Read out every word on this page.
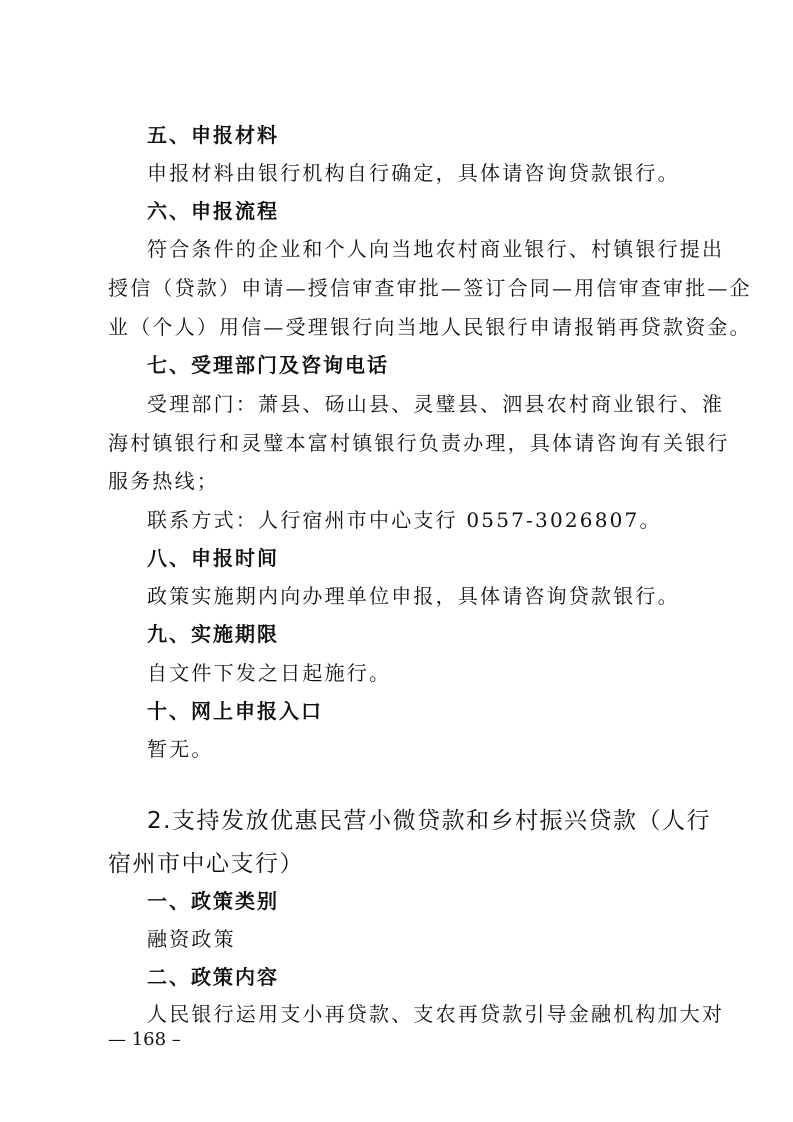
五、申报材料
申报材料由银行机构自行确定，具体请咨询贷款银行。
六、申报流程
符合条件的企业和个人向当地农村商业银行、村镇银行提出
授信（贷款）申请—授信审查审批—签订合同—用信审查审批—企
业（个人）用信—受理银行向当地人民银行申请报销再贷款资金。
七、受理部门及咨询电话
受理部门：萧县、砀山县、灵璧县、泗县农村商业银行、淮
海村镇银行和灵璧本富村镇银行负责办理，具体请咨询有关银行
服务热线；
联系方式：人行宿州市中心支行 0557-3026807。
八、申报时间
政策实施期内向办理单位申报，具体请咨询贷款银行。
九、实施期限
自文件下发之日起施行。
十、网上申报入口
暂无。
2.支持发放优惠民营小微贷款和乡村振兴贷款（人行
宿州市中心支行）
一、政策类别
融资政策
二、政策内容
人民银行运用支小再贷款、支农再贷款引导金融机构加大对
— 168 –
